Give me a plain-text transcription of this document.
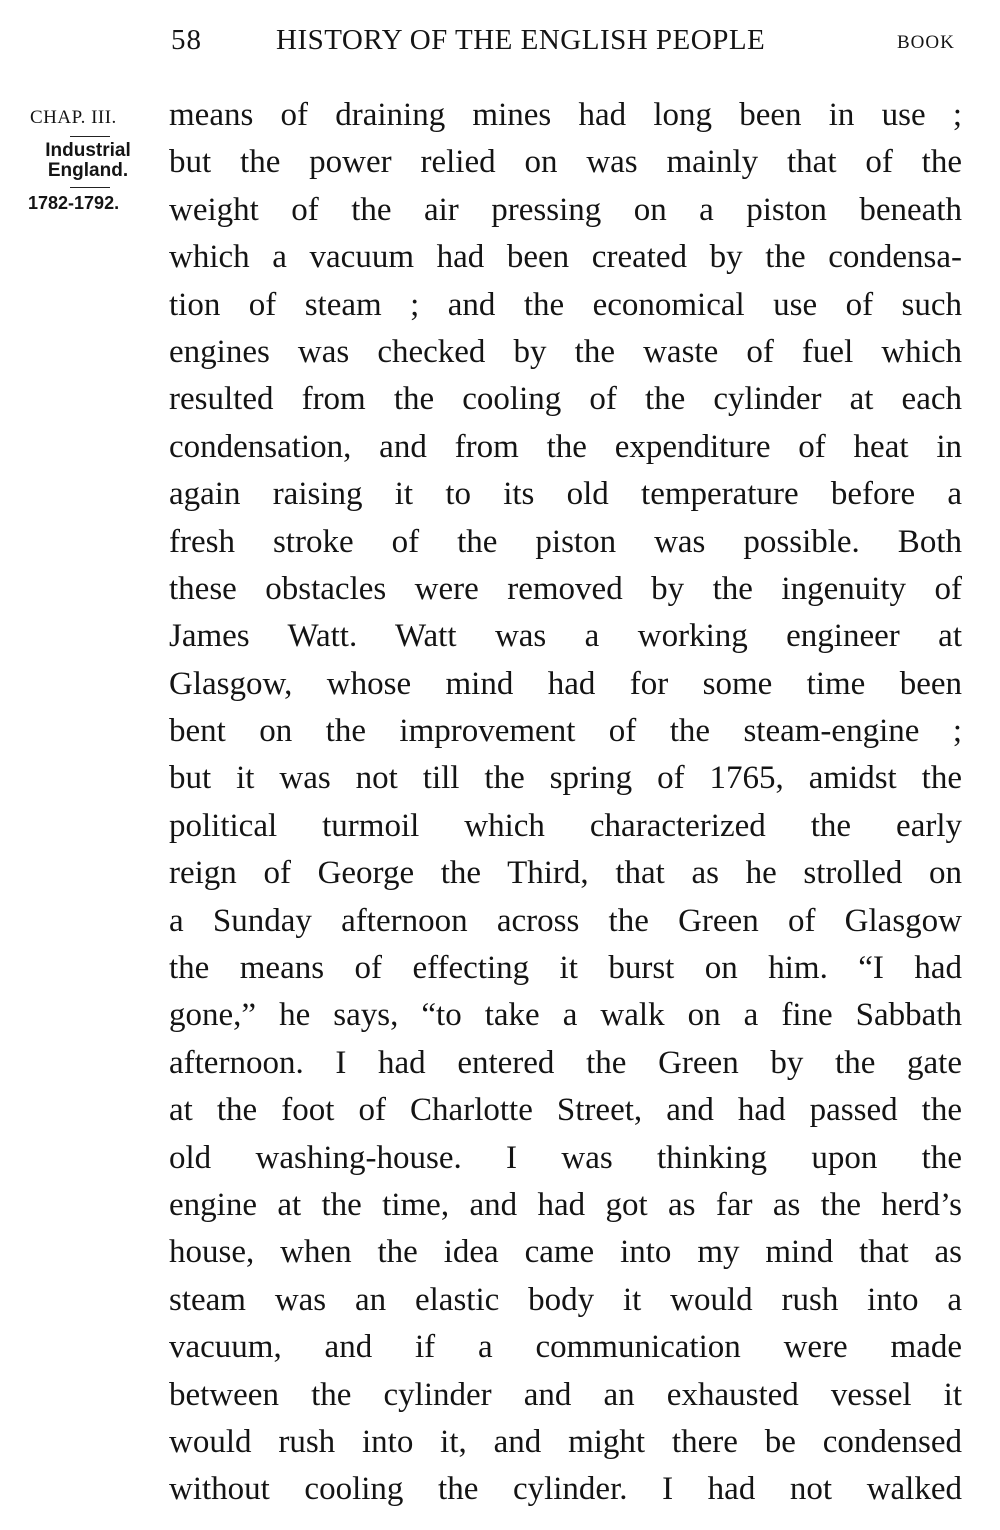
58	HISTORY OF THE ENGLISH PEOPLE	BOOK
CHAP. III.
Industrial England.
1782-1792.
means of draining mines had long been in use ;
but the power relied on was mainly that of the
weight of the air pressing on a piston beneath
which a vacuum had been created by the condensa-
tion of steam ; and the economical use of such
engines was checked by the waste of fuel which
resulted from the cooling of the cylinder at each
condensation, and from the expenditure of heat in
again raising it to its old temperature before a
fresh stroke of the piston was possible. Both
these obstacles were removed by the ingenuity of
James Watt. Watt was a working engineer at
Glasgow, whose mind had for some time been
bent on the improvement of the steam-engine ;
but it was not till the spring of 1765, amidst the
political turmoil which characterized the early
reign of George the Third, that as he strolled on
a Sunday afternoon across the Green of Glasgow
the means of effecting it burst on him. “I had
gone,” he says, “to take a walk on a fine Sabbath
afternoon. I had entered the Green by the gate
at the foot of Charlotte Street, and had passed the
old washing-house. I was thinking upon the
engine at the time, and had got as far as the herd’s
house, when the idea came into my mind that as
steam was an elastic body it would rush into a
vacuum, and if a communication were made
between the cylinder and an exhausted vessel it
would rush into it, and might there be condensed
without cooling the cylinder. I had not walked
